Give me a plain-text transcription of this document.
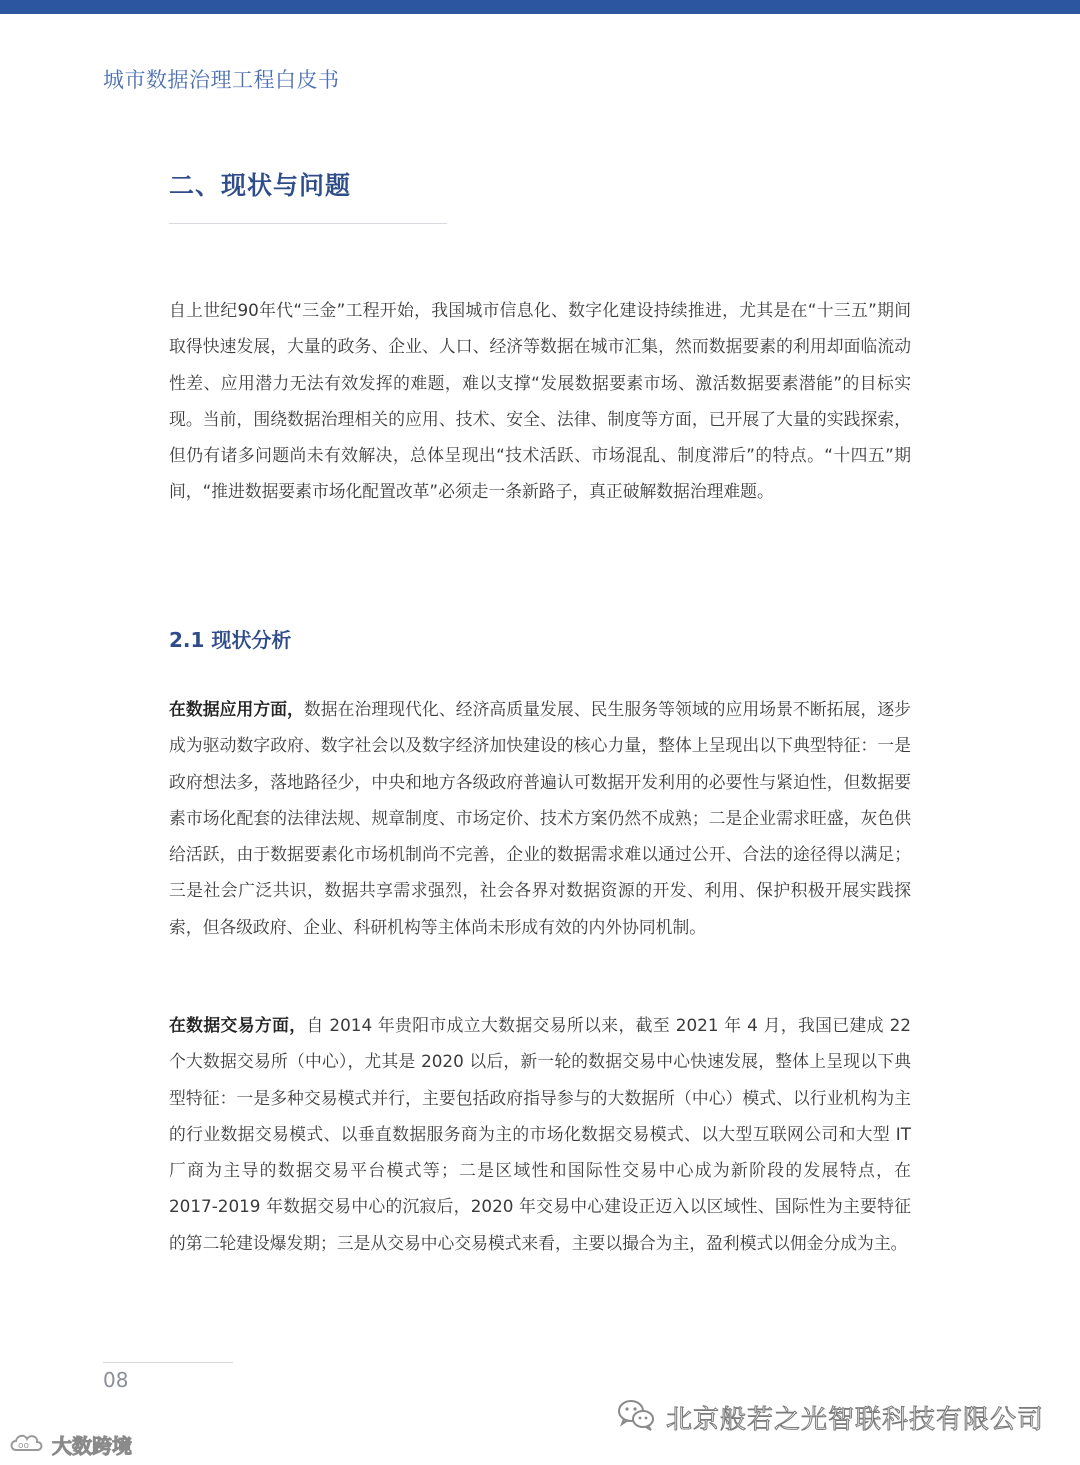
城市数据治理工程白皮书
二、现状与问题

自上世纪90年代“三金”工程开始，我国城市信息化、数字化建设持续推进，尤其是在“十三五”期间取得快速发展，大量的政务、企业、人口、经济等数据在城市汇集，然而数据要素的利用却面临流动性差、应用潜力无法有效发挥的难题，难以支撑“发展数据要素市场、激活数据要素潜能”的目标实现。当前，围绕数据治理相关的应用、技术、安全、法律、制度等方面，已开展了大量的实践探索，但仍有诸多问题尚未有效解决，总体呈现出“技术活跃、市场混乱、制度滞后”的特点。“十四五”期间，“推进数据要素市场化配置改革”必须走一条新路子，真正破解数据治理难题。

2.1 现状分析

在数据应用方面，数据在治理现代化、经济高质量发展、民生服务等领域的应用场景不断拓展，逐步成为驱动数字政府、数字社会以及数字经济加快建设的核心力量，整体上呈现出以下典型特征：一是政府想法多，落地路径少，中央和地方各级政府普遍认可数据开发利用的必要性与紧迫性，但数据要素市场化配套的法律法规、规章制度、市场定价、技术方案仍然不成熟；二是企业需求旺盛，灰色供给活跃，由于数据要素化市场机制尚不完善，企业的数据需求难以通过公开、合法的途径得以满足；三是社会广泛共识，数据共享需求强烈，社会各界对数据资源的开发、利用、保护积极开展实践探索，但各级政府、企业、科研机构等主体尚未形成有效的内外协同机制。

在数据交易方面，自 2014 年贵阳市成立大数据交易所以来，截至 2021 年 4 月，我国已建成 22 个大数据交易所（中心），尤其是 2020 以后，新一轮的数据交易中心快速发展，整体上呈现以下典型特征：一是多种交易模式并行，主要包括政府指导参与的大数据所（中心）模式、以行业机构为主的行业数据交易模式、以垂直数据服务商为主的市场化数据交易模式、以大型互联网公司和大型 IT 厂商为主导的数据交易平台模式等；二是区域性和国际性交易中心成为新阶段的发展特点，在 2017-2019 年数据交易中心的沉寂后，2020 年交易中心建设正迈入以区域性、国际性为主要特征的第二轮建设爆发期；三是从交易中心交易模式来看，主要以撮合为主，盈利模式以佣金分成为主。

08
北京般若之光智联科技有限公司
oo 大数跨境
